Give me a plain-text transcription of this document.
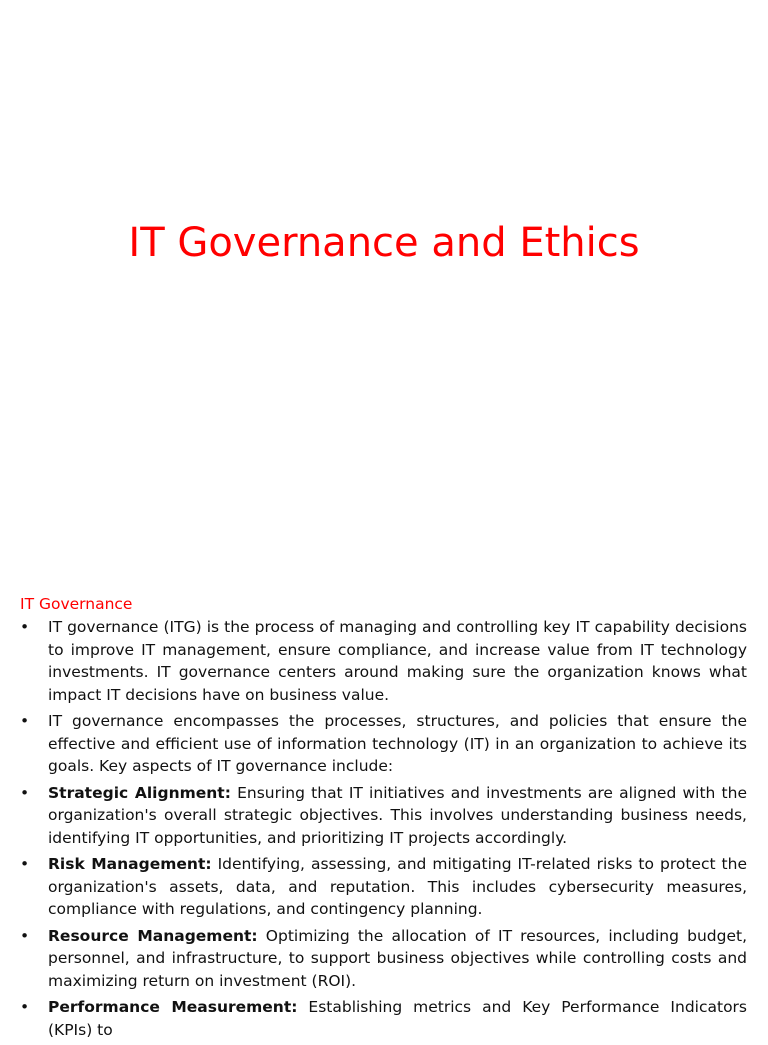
IT Governance and Ethics
IT Governance
•	IT governance (ITG) is the process of managing and controlling key IT capability decisions to improve IT management, ensure compliance, and increase value from IT technology investments. IT governance centers around making sure the organization knows what impact IT decisions have on business value.
•	IT governance encompasses the processes, structures, and policies that ensure the effective and efficient use of information technology (IT) in an organization to achieve its goals. Key aspects of IT governance include:
•	Strategic Alignment: Ensuring that IT initiatives and investments are aligned with the organization's overall strategic objectives. This involves understanding business needs, identifying IT opportunities, and prioritizing IT projects accordingly.
•	Risk Management: Identifying, assessing, and mitigating IT-related risks to protect the organization's assets, data, and reputation. This includes cybersecurity measures, compliance with regulations, and contingency planning.
•	Resource Management: Optimizing the allocation of IT resources, including budget, personnel, and infrastructure, to support business objectives while controlling costs and maximizing return on investment (ROI).
•	Performance Measurement: Establishing metrics and Key Performance Indicators (KPIs) to
